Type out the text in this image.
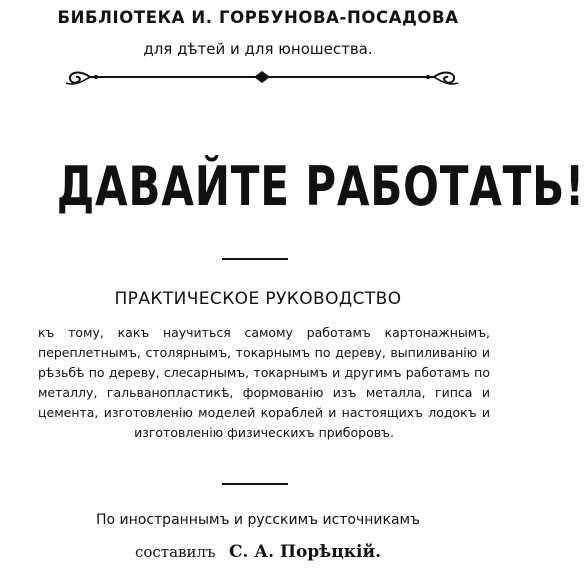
БИБЛІОТЕКА И. ГОРБУНОВА-ПОСАДОВА
для дѣтей и для юношества.
ДАВАЙТЕ РАБОТАТЬ!
ПРАКТИЧЕСКОЕ РУКОВОДСТВО
къ тому, какъ научиться самому работамъ картонажнымъ, переплетнымъ, столярнымъ, токарнымъ по дереву, выпиливанію и рѣзьбѣ по дереву, слесарнымъ, токарнымъ и другимъ работамъ по металлу, гальванопластикѣ, формованію изъ металла, гипса и цемента, изготовленію моделей кораблей и настоящихъ лодокъ и изготовленію физическихъ приборовъ.
По иностраннымъ и русскимъ источникамъ
составилъ С. А. Порѣцкій.
